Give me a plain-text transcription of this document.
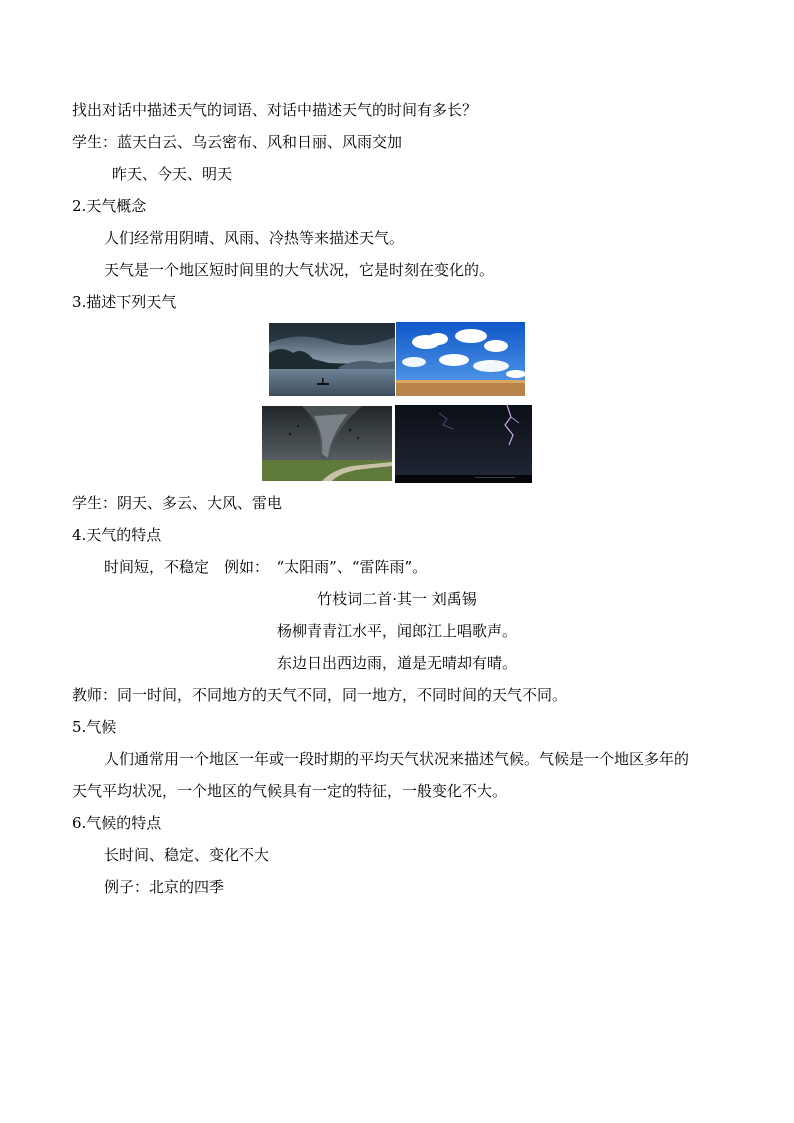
找出对话中描述天气的词语、对话中描述天气的时间有多长？
学生：蓝天白云、乌云密布、风和日丽、风雨交加
昨天、今天、明天
2.天气概念
人们经常用阴晴、风雨、冷热等来描述天气。
天气是一个地区短时间里的大气状况，它是时刻在变化的。
3.描述下列天气
学生：阴天、多云、大风、雷电
4.天气的特点
时间短，不稳定　例如：　“太阳雨”、“雷阵雨”。
竹枝词二首·其一 刘禹锡
杨柳青青江水平，闻郎江上唱歌声。
东边日出西边雨，道是无晴却有晴。
教师：同一时间，不同地方的天气不同，同一地方，不同时间的天气不同。
5.气候
人们通常用一个地区一年或一段时期的平均天气状况来描述气候。气候是一个地区多年的
天气平均状况，一个地区的气候具有一定的特征，一般变化不大。
6.气候的特点
长时间、稳定、变化不大
例子：北京的四季
